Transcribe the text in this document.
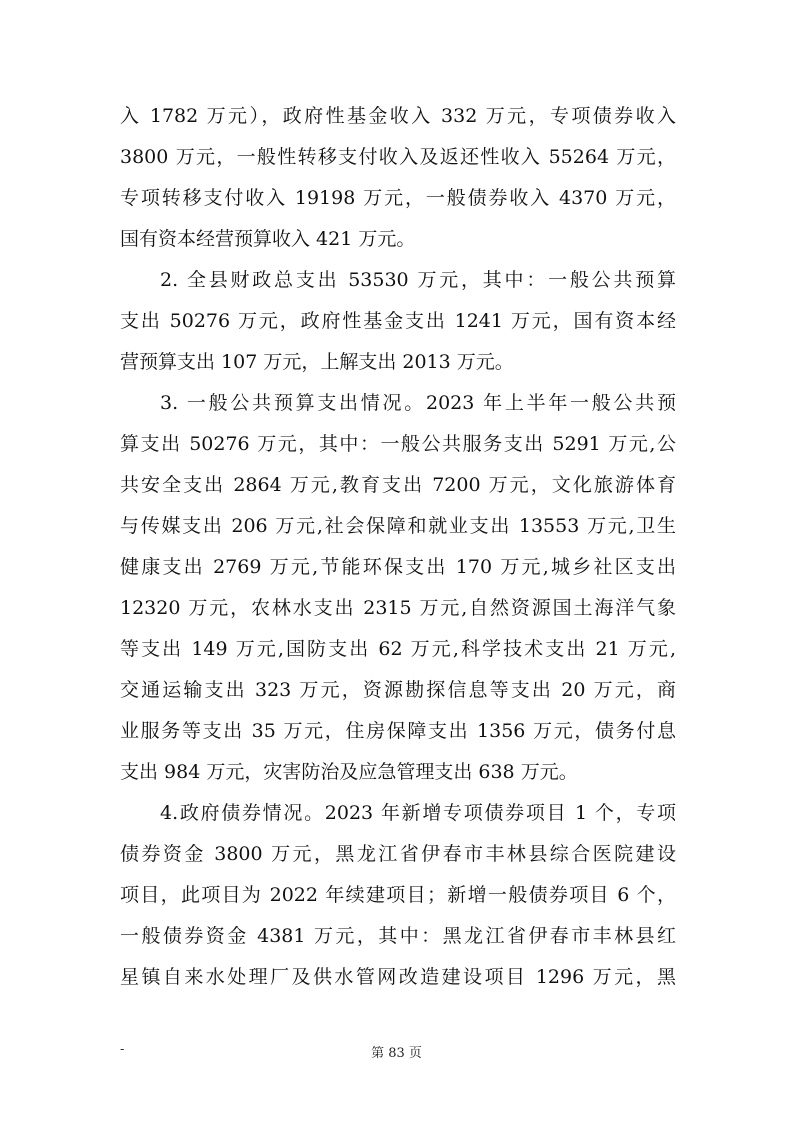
入 1782 万元），政府性基金收入 332 万元，专项债券收入

3800 万元，一般性转移支付收入及返还性收入 55264 万元，

专项转移支付收入 19198 万元，一般债券收入 4370 万元，

国有资本经营预算收入 421 万元。

2. 全县财政总支出 53530 万元，其中：一般公共预算

支出 50276 万元，政府性基金支出 1241 万元，国有资本经

营预算支出 107 万元，上解支出 2013 万元。

3. 一般公共预算支出情况。2023 年上半年一般公共预

算支出 50276 万元，其中：一般公共服务支出 5291 万元,公

共安全支出 2864 万元,教育支出 7200 万元，文化旅游体育

与传媒支出 206 万元,社会保障和就业支出 13553 万元,卫生

健康支出 2769 万元,节能环保支出 170 万元,城乡社区支出

12320 万元，农林水支出 2315 万元,自然资源国土海洋气象

等支出 149 万元,国防支出 62 万元,科学技术支出 21 万元,

交通运输支出 323 万元，资源勘探信息等支出 20 万元，商

业服务等支出 35 万元，住房保障支出 1356 万元，债务付息

支出 984 万元，灾害防治及应急管理支出 638 万元。

4.政府债券情况。2023 年新增专项债券项目 1 个，专项

债券资金 3800 万元，黑龙江省伊春市丰林县综合医院建设

项目，此项目为 2022 年续建项目；新增一般债券项目 6 个，

一般债券资金 4381 万元，其中：黑龙江省伊春市丰林县红

星镇自来水处理厂及供水管网改造建设项目 1296 万元，黑

-	第 83 页
